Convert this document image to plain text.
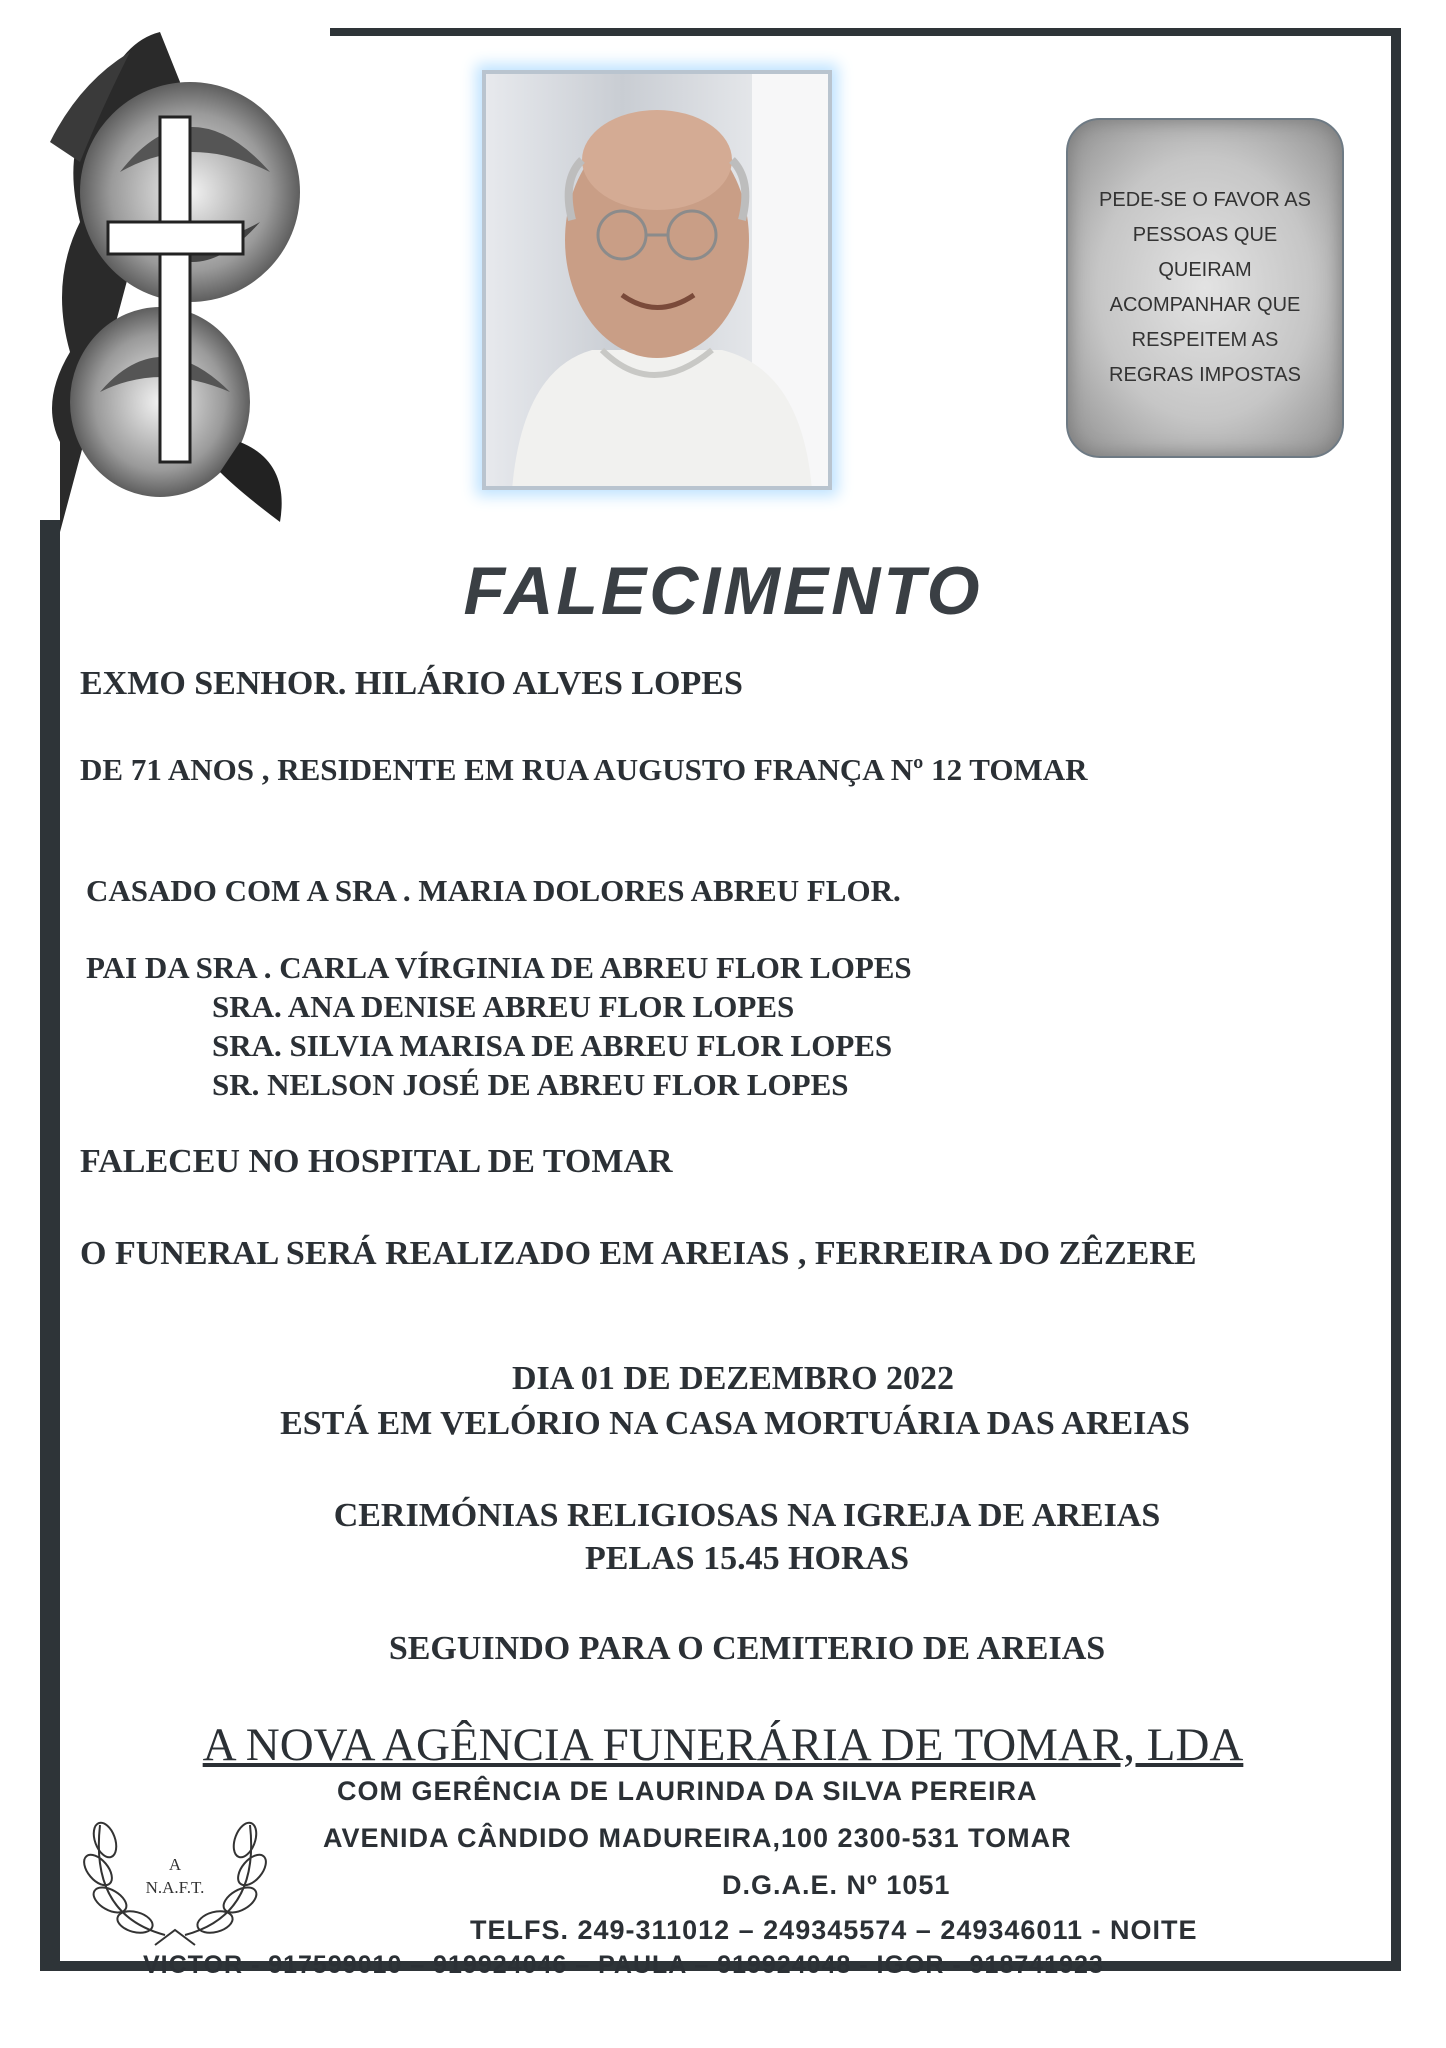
PEDE-SE O FAVOR AS PESSOAS QUE QUEIRAM ACOMPANHAR QUE RESPEITEM AS REGRAS IMPOSTAS
FALECIMENTO
EXMO SENHOR. HILÁRIO ALVES LOPES
DE 71 ANOS , RESIDENTE EM RUA AUGUSTO FRANÇA Nº 12 TOMAR
CASADO COM A SRA . MARIA DOLORES ABREU FLOR.
PAI DA SRA . CARLA VÍRGINIA DE ABREU FLOR LOPES
SRA. ANA DENISE ABREU FLOR LOPES
SRA. SILVIA MARISA DE ABREU FLOR LOPES
SR. NELSON JOSÉ DE ABREU FLOR LOPES
FALECEU NO HOSPITAL DE TOMAR
O FUNERAL SERÁ REALIZADO EM AREIAS , FERREIRA DO ZÊZERE
DIA 01 DE DEZEMBRO 2022
ESTÁ EM VELÓRIO NA CASA MORTUÁRIA DAS AREIAS
CERIMÓNIAS RELIGIOSAS NA IGREJA DE AREIAS
PELAS 15.45 HORAS
SEGUINDO PARA O CEMITERIO DE AREIAS
A NOVA AGÊNCIA FUNERÁRIA DE TOMAR, LDA
A
N.A.F.T.
COM GERÊNCIA DE LAURINDA DA SILVA PEREIRA
AVENIDA CÂNDIDO MADUREIRA,100 2300-531 TOMAR
D.G.A.E. Nº 1051
TELFS. 249-311012 – 249345574 – 249346011 - NOITE
VICTOR - 917599010 – 919924046 – PAULA – 919924048 - IGOR - 918741923
